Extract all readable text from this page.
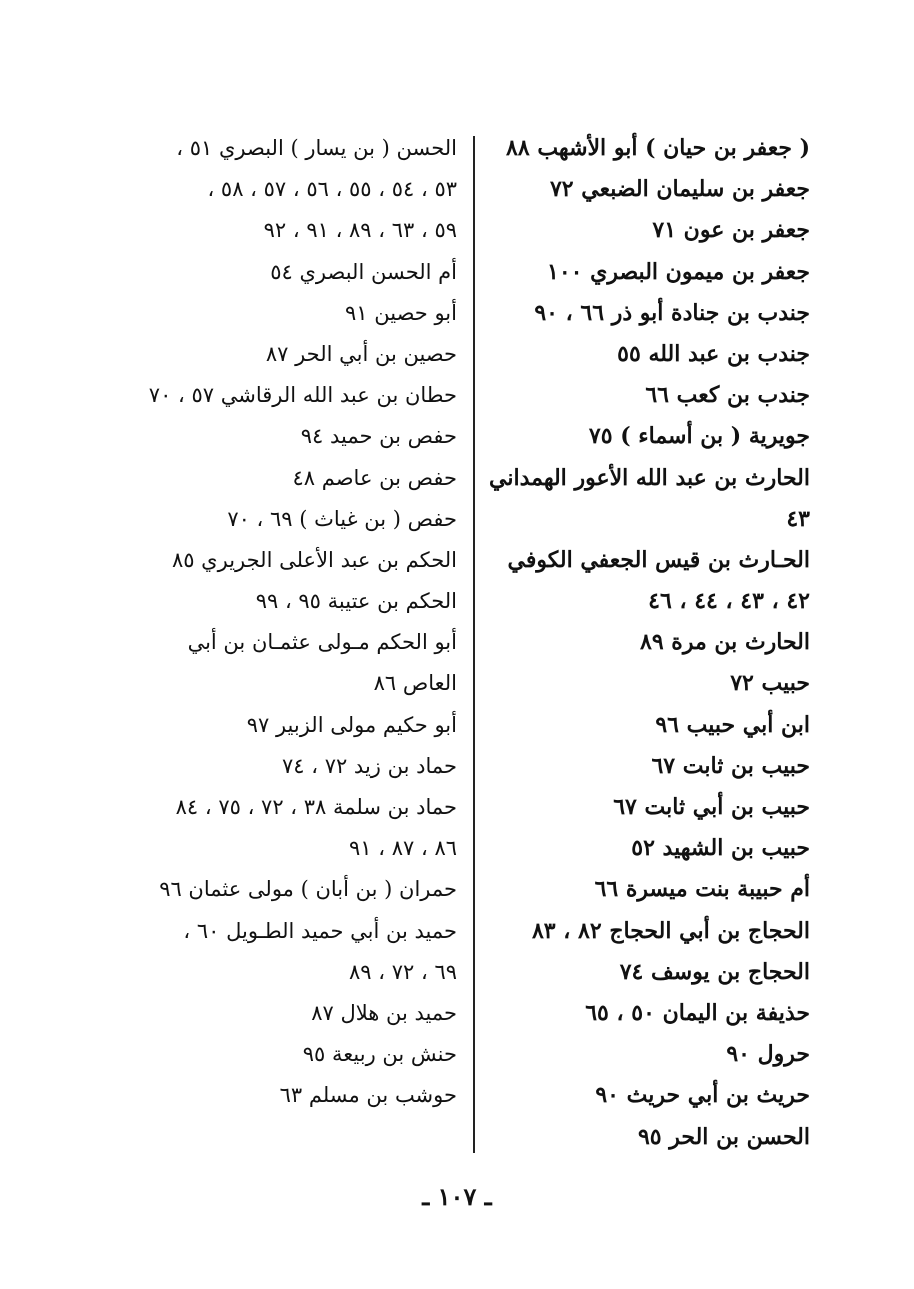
( جعفر بن حيان ) أبو الأشهب ٨٨
جعفر بن سليمان الضبعي ٧٢
جعفر بن عون ٧١
جعفر بن ميمون البصري ١٠٠
جندب بن جنادة أبو ذر ٦٦ ، ٩٠
جندب بن عبد الله ٥٥
جندب بن كعب ٦٦
جويرية ( بن أسماء ) ٧٥
الحارث بن عبد الله الأعور الهمداني
٤٣
الحـارث بن قيس الجعفي الكوفي
٤٢ ، ٤٣ ، ٤٤ ، ٤٦
الحارث بن مرة ٨٩
حبيب ٧٢
ابن أبي حبيب ٩٦
حبيب بن ثابت ٦٧
حبيب بن أبي ثابت ٦٧
حبيب بن الشهيد ٥٢
أم حبيبة بنت ميسرة ٦٦
الحجاج بن أبي الحجاج ٨٢ ، ٨٣
الحجاج بن يوسف ٧٤
حذيفة بن اليمان ٥٠ ، ٦٥
حرول ٩٠
حريث بن أبي حريث ٩٠
الحسن بن الحر ٩٥
الحسن ( بن يسار ) البصري ٥١ ،
٥٣ ، ٥٤ ، ٥٥ ، ٥٦ ، ٥٧ ، ٥٨ ،
٥٩ ، ٦٣ ، ٨٩ ، ٩١ ، ٩٢
أم الحسن البصري ٥٤
أبو حصين ٩١
حصين بن أبي الحر ٨٧
حطان بن عبد الله الرقاشي ٥٧ ، ٧٠
حفص بن حميد ٩٤
حفص بن عاصم ٤٨
حفص ( بن غياث ) ٦٩ ، ٧٠
الحكم بن عبد الأعلى الجريري ٨٥
الحكم بن عتيبة ٩٥ ، ٩٩
أبو الحكم مـولى عثمـان بن أبي
العاص ٨٦
أبو حكيم مولى الزبير ٩٧
حماد بن زيد ٧٢ ، ٧٤
حماد بن سلمة ٣٨ ، ٧٢ ، ٧٥ ، ٨٤
٨٦ ، ٨٧ ، ٩١
حمران ( بن أبان ) مولى عثمان ٩٦
حميد بن أبي حميد الطـويل ٦٠ ،
٦٩ ، ٧٢ ، ٨٩
حميد بن هلال ٨٧
حنش بن ربيعة ٩٥
حوشب بن مسلم ٦٣
ـ ١٠٧ ـ
